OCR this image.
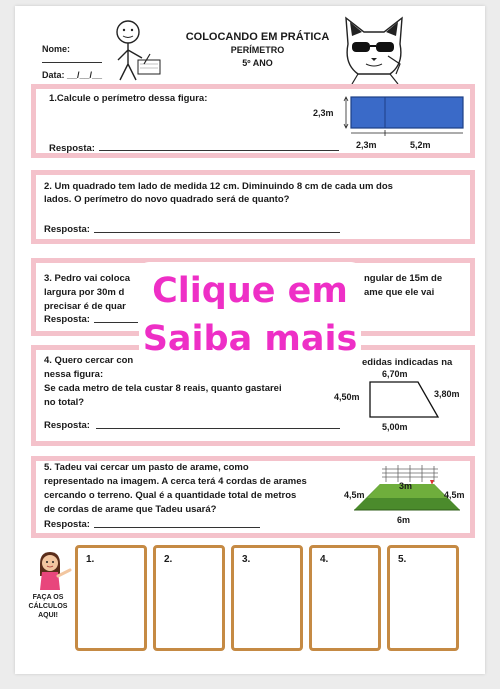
Nome:
Data: __/__/__
COLOCANDO EM PRÁTICA
PERÍMETRO
5º ANO
1.Calcule o perímetro dessa figura:
Resposta:
2,3m
2,3m	5,2m
2. Um quadrado tem lado de medida 12 cm. Diminuindo 8 cm de cada um dos
lados. O perímetro do novo quadrado será de quanto?
Resposta:
3. Pedro vai coloca	ngular de 15m de
largura por 30m d	ame que ele vai
precisar é de quar
Resposta:
4. Quero cercar con	edidas indicadas na
nessa figura:
Se cada metro de tela custar 8 reais, quanto gastarei
no total?
Resposta:
6,70m
4,50m	3,80m
5,00m
5. Tadeu vai cercar um pasto de arame, como
representado na imagem. A cerca terá 4 cordas de arames
cercando o terreno. Qual é a quantidade total de metros
de cordas de arame que Tadeu usará?
Resposta:
3m
4,5m	4,5m
6m
Clique em
Saiba mais
FAÇA OS
CÁLCULOS
AQUI!
1.	2.	3.	4.	5.
